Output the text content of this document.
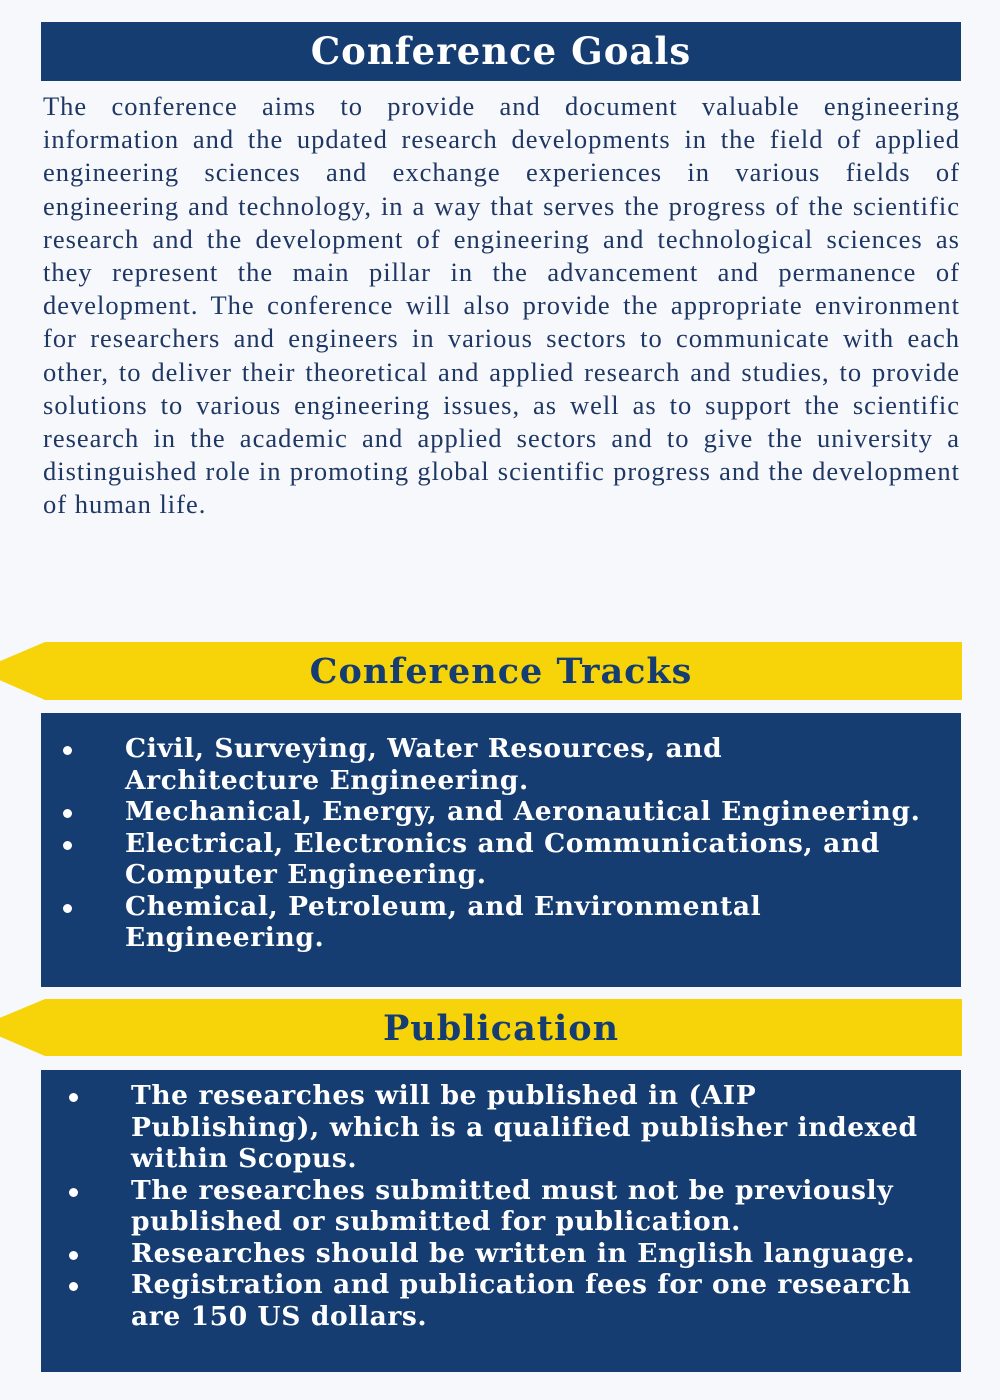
Conference Goals

The conference aims to provide and document valuable engineering information and the updated research developments in the field of applied engineering sciences and exchange experiences in various fields of engineering and technology, in a way that serves the progress of the scientific research and the development of engineering and technological sciences as they represent the main pillar in the advancement and permanence of development. The conference will also provide the appropriate environment for researchers and engineers in various sectors to communicate with each other, to deliver their theoretical and applied research and studies, to provide solutions to various engineering issues, as well as to support the scientific research in the academic and applied sectors and to give the university a distinguished role in promoting global scientific progress and the development of human life.

Conference Tracks
Civil, Surveying, Water Resources, and Architecture Engineering.
Mechanical, Energy, and Aeronautical Engineering.
Electrical, Electronics and Communications, and Computer Engineering.
Chemical, Petroleum, and Environmental Engineering.
Publication
The researches will be published in (AIP Publishing), which is a qualified publisher indexed within Scopus.
The researches submitted must not be previously published or submitted for publication.
Researches should be written in English language.
Registration and publication fees for one research are 150 US dollars.
